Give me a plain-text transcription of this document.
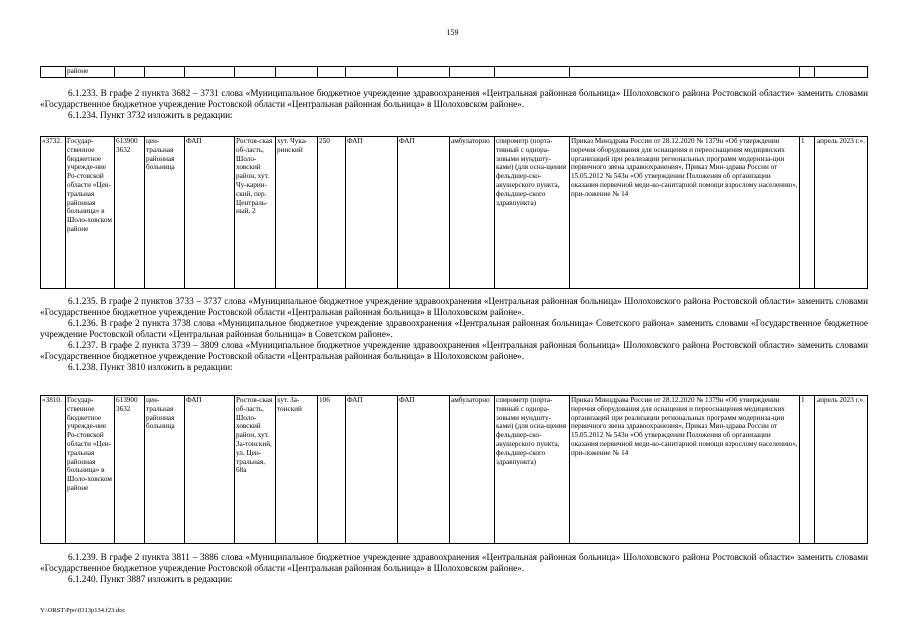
159
	районе													

6.1.233. В графе 2 пункта 3682 – 3731 слова «Муниципальное бюджетное учреждение здравоохранения «Центральная районная больница» Шолоховского района Ростовской области» заменить словами «Государственное бюджетное учреждение Ростовской области «Центральная районная больница» в Шолоховском районе».

6.1.234. Пункт 3732 изложить в редакции:

«3732.	Государ-ственное бюджетное учрежде-ние Ро-стовской области «Цен-тральная районная больница» в Шоло-ховском районе	613900 3632	цен-тральная районная больница	ФАП	Ростов-ская об-ласть, Шоло-ховский район, хут. Чу-карин-ский, пер. Централь-ный, 2	хут. Чука-ринский	250	ФАП	ФАП	амбулаторно	спирометр (порта-тивный с однора-зовыми мундшту-ками) (для осна-щения фельдшер-ско-акушерского пункта, фельдшер-ского здравпункта)	Приказ Минздрава России от 28.12.2020 № 1379н «Об утверждении перечня оборудования для оснащения и переоснащения медицинских организаций при реализации региональных программ модерниза-ции первичного звена здравоохранения», Приказ Мин-здрава России от 15.05.2012 № 543н «Об утверждении Положения об организации оказания первичной меди-ко-санитарной помощи взрослому населению», при-ложение № 14	1	апрель 2023 г.».

6.1.235. В графе 2 пунктов 3733 – 3737 слова «Муниципальное бюджетное учреждение здравоохранения «Центральная районная больница» Шолоховского района Ростовской области» заменить словами «Государственное бюджетное учреждение Ростовской области «Центральная районная больница» в Шолоховском районе».

6.1.236. В графе 2 пункта 3738 слова «Муниципальное бюджетное учреждение здравоохранения «Центральная районная больница» Советского района» заменить словами «Государственное бюджетное учреждение Ростовской области «Центральная районная больница» в Советском районе».

6.1.237. В графе 2 пункта 3739 – 3809 слова «Муниципальное бюджетное учреждение здравоохранения «Центральная районная больница» Шолоховского района Ростовской области» заменить словами «Государственное бюджетное учреждение Ростовской области «Центральная районная больница» в Шолоховском районе».

6.1.238. Пункт 3810 изложить в редакции:

«3810.	Государ-ственное бюджетное учрежде-ние Ро-стовской области «Цен-тральная районная больница» в Шоло-ховском районе	613900 3632	цен-тральная районная больница	ФАП	Ростов-ская об-ласть, Шоло-ховский район, хут. За-тонский, ул. Цен-тральная, 68а	хут. За-тонский	106	ФАП	ФАП	амбулаторно	спирометр (порта-тивный с однора-зовыми мундшту-ками) (для осна-щения фельдшер-ско-акушерского пункта, фельдшер-ского здравпункта)	Приказ Минздрава России от 28.12.2020 № 1379н «Об утверждении перечня оборудования для оснащения и переоснащения медицинских организаций при реализации региональных программ модерниза-ции первичного звена здравоохранения», Приказ Мин-здрава России от 15.05.2012 № 543н «Об утверждении Положения об организации оказания первичной меди-ко-санитарной помощи взрослому населению», при-ложение № 14	1	апрель 2023 г.».

6.1.239. В графе 2 пункта 3811 – 3886 слова «Муниципальное бюджетное учреждение здравоохранения «Центральная районная больница» Шолоховского района Ростовской области» заменить словами «Государственное бюджетное учреждение Ростовской области «Центральная районная больница» в Шолоховском районе».

6.1.240. Пункт 3887 изложить в редакции:

Y:\ORST\Ppo\0313p134.f23.doc
